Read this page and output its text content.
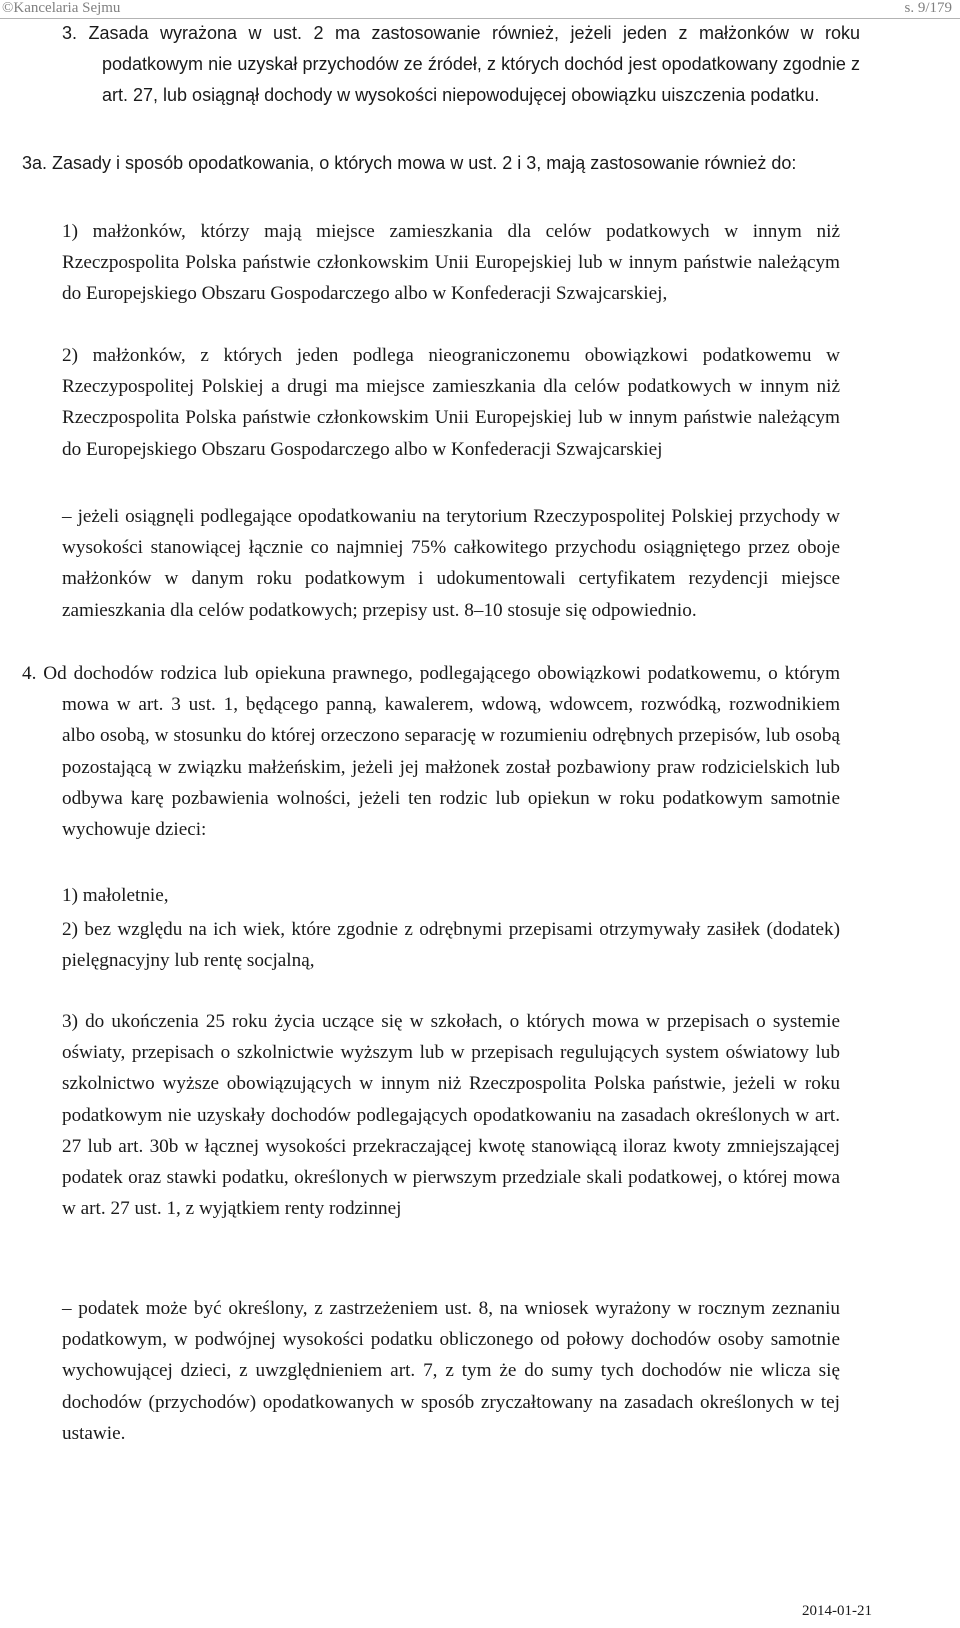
©Kancelaria Sejmu	s. 9/179
3. Zasada wyrażona w ust. 2 ma zastosowanie również, jeżeli jeden z małżonków w roku podatkowym nie uzyskał przychodów ze źródeł, z których dochód jest opodatkowany zgodnie z art. 27, lub osiągnął dochody w wysokości niepowodujęcej obowiązku uiszczenia podatku.
3a. Zasady i sposób opodatkowania, o których mowa w ust. 2 i 3, mają zastosowanie również do:
1) małżonków, którzy mają miejsce zamieszkania dla celów podatkowych w innym niż Rzeczpospolita Polska państwie członkowskim Unii Europejskiej lub w innym państwie należącym do Europejskiego Obszaru Gospodarczego albo w Konfederacji Szwajcarskiej,
2) małżonków, z których jeden podlega nieograniczonemu obowiązkowi podatkowemu w Rzeczypospolitej Polskiej a drugi ma miejsce zamieszkania dla celów podatkowych w innym niż Rzeczpospolita Polska państwie członkowskim Unii Europejskiej lub w innym państwie należącym do Europejskiego Obszaru Gospodarczego albo w Konfederacji Szwajcarskiej
– jeżeli osiągnęli podlegające opodatkowaniu na terytorium Rzeczypospolitej Polskiej przychody w wysokości stanowiącej łącznie co najmniej 75% całkowitego przychodu osiągniętego przez oboje małżonków w danym roku podatkowym i udokumentowali certyfikatem rezydencji miejsce zamieszkania dla celów podatkowych; przepisy ust. 8–10 stosuje się odpowiednio.
4. Od dochodów rodzica lub opiekuna prawnego, podlegającego obowiązkowi podatkowemu, o którym mowa w art. 3 ust. 1, będącego panną, kawalerem, wdową, wdowcem, rozwódką, rozwodnikiem albo osobą, w stosunku do której orzeczono separację w rozumieniu odrębnych przepisów, lub osobą pozostającą w związku małżeńskim, jeżeli jej małżonek został pozbawiony praw rodzicielskich lub odbywa karę pozbawienia wolności, jeżeli ten rodzic lub opiekun w roku podatkowym samotnie wychowuje dzieci:
1) małoletnie,
2) bez względu na ich wiek, które zgodnie z odrębnymi przepisami otrzymywały zasiłek (dodatek) pielęgnacyjny lub rentę socjalną,
3) do ukończenia 25 roku życia uczące się w szkołach, o których mowa w przepisach o systemie oświaty, przepisach o szkolnictwie wyższym lub w przepisach regulujących system oświatowy lub szkolnictwo wyższe obowiązujących w innym niż Rzeczpospolita Polska państwie, jeżeli w roku podatkowym nie uzyskały dochodów podlegających opodatkowaniu na zasadach określonych w art. 27 lub art. 30b w łącznej wysokości przekraczającej kwotę stanowiącą iloraz kwoty zmniejszającej podatek oraz stawki podatku, określonych w pierwszym przedziale skali podatkowej, o której mowa w art. 27 ust. 1, z wyjątkiem renty rodzinnej
– podatek może być określony, z zastrzeżeniem ust. 8, na wniosek wyrażony w rocznym zeznaniu podatkowym, w podwójnej wysokości podatku obliczonego od połowy dochodów osoby samotnie wychowującej dzieci, z uwzględnieniem art. 7, z tym że do sumy tych dochodów nie wlicza się dochodów (przychodów) opodatkowanych w sposób zryczałtowany na zasadach określonych w tej ustawie.
2014-01-21
